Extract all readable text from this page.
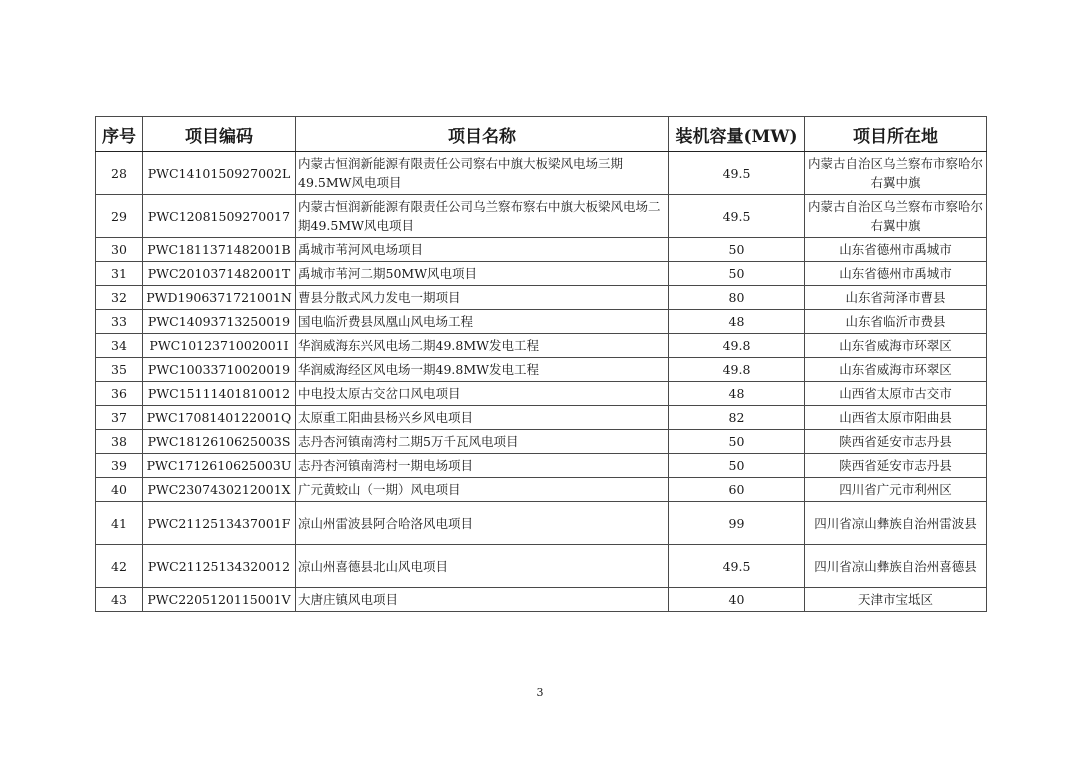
序号	项目编码	项目名称	装机容量(MW)	项目所在地
28	PWC1410150927002L	内蒙古恒润新能源有限责任公司察右中旗大板梁风电场三期49.5MW风电项目	49.5	内蒙古自治区乌兰察布市察哈尔右翼中旗
29	PWC12081509270017	内蒙古恒润新能源有限责任公司乌兰察布察右中旗大板梁风电场二期49.5MW风电项目	49.5	内蒙古自治区乌兰察布市察哈尔右翼中旗
30	PWC1811371482001B	禹城市苇河风电场项目	50	山东省德州市禹城市
31	PWC2010371482001T	禹城市苇河二期50MW风电项目	50	山东省德州市禹城市
32	PWD1906371721001N	曹县分散式风力发电一期项目	80	山东省菏泽市曹县
33	PWC14093713250019	国电临沂费县凤凰山风电场工程	48	山东省临沂市费县
34	PWC1012371002001I	华润威海东兴风电场二期49.8MW发电工程	49.8	山东省威海市环翠区
35	PWC10033710020019	华润威海经区风电场一期49.8MW发电工程	49.8	山东省威海市环翠区
36	PWC15111401810012	中电投太原古交岔口风电项目	48	山西省太原市古交市
37	PWC1708140122001Q	太原重工阳曲县杨兴乡风电项目	82	山西省太原市阳曲县
38	PWC1812610625003S	志丹杏河镇南湾村二期5万千瓦风电项目	50	陕西省延安市志丹县
39	PWC1712610625003U	志丹杏河镇南湾村一期电场项目	50	陕西省延安市志丹县
40	PWC2307430212001X	广元黄蛟山（一期）风电项目	60	四川省广元市利州区
41	PWC2112513437001F	凉山州雷波县阿合哈洛风电项目	99	四川省凉山彝族自治州雷波县
42	PWC21125134320012	凉山州喜德县北山风电项目	49.5	四川省凉山彝族自治州喜德县
43	PWC2205120115001V	大唐庄镇风电项目	40	天津市宝坻区
3
